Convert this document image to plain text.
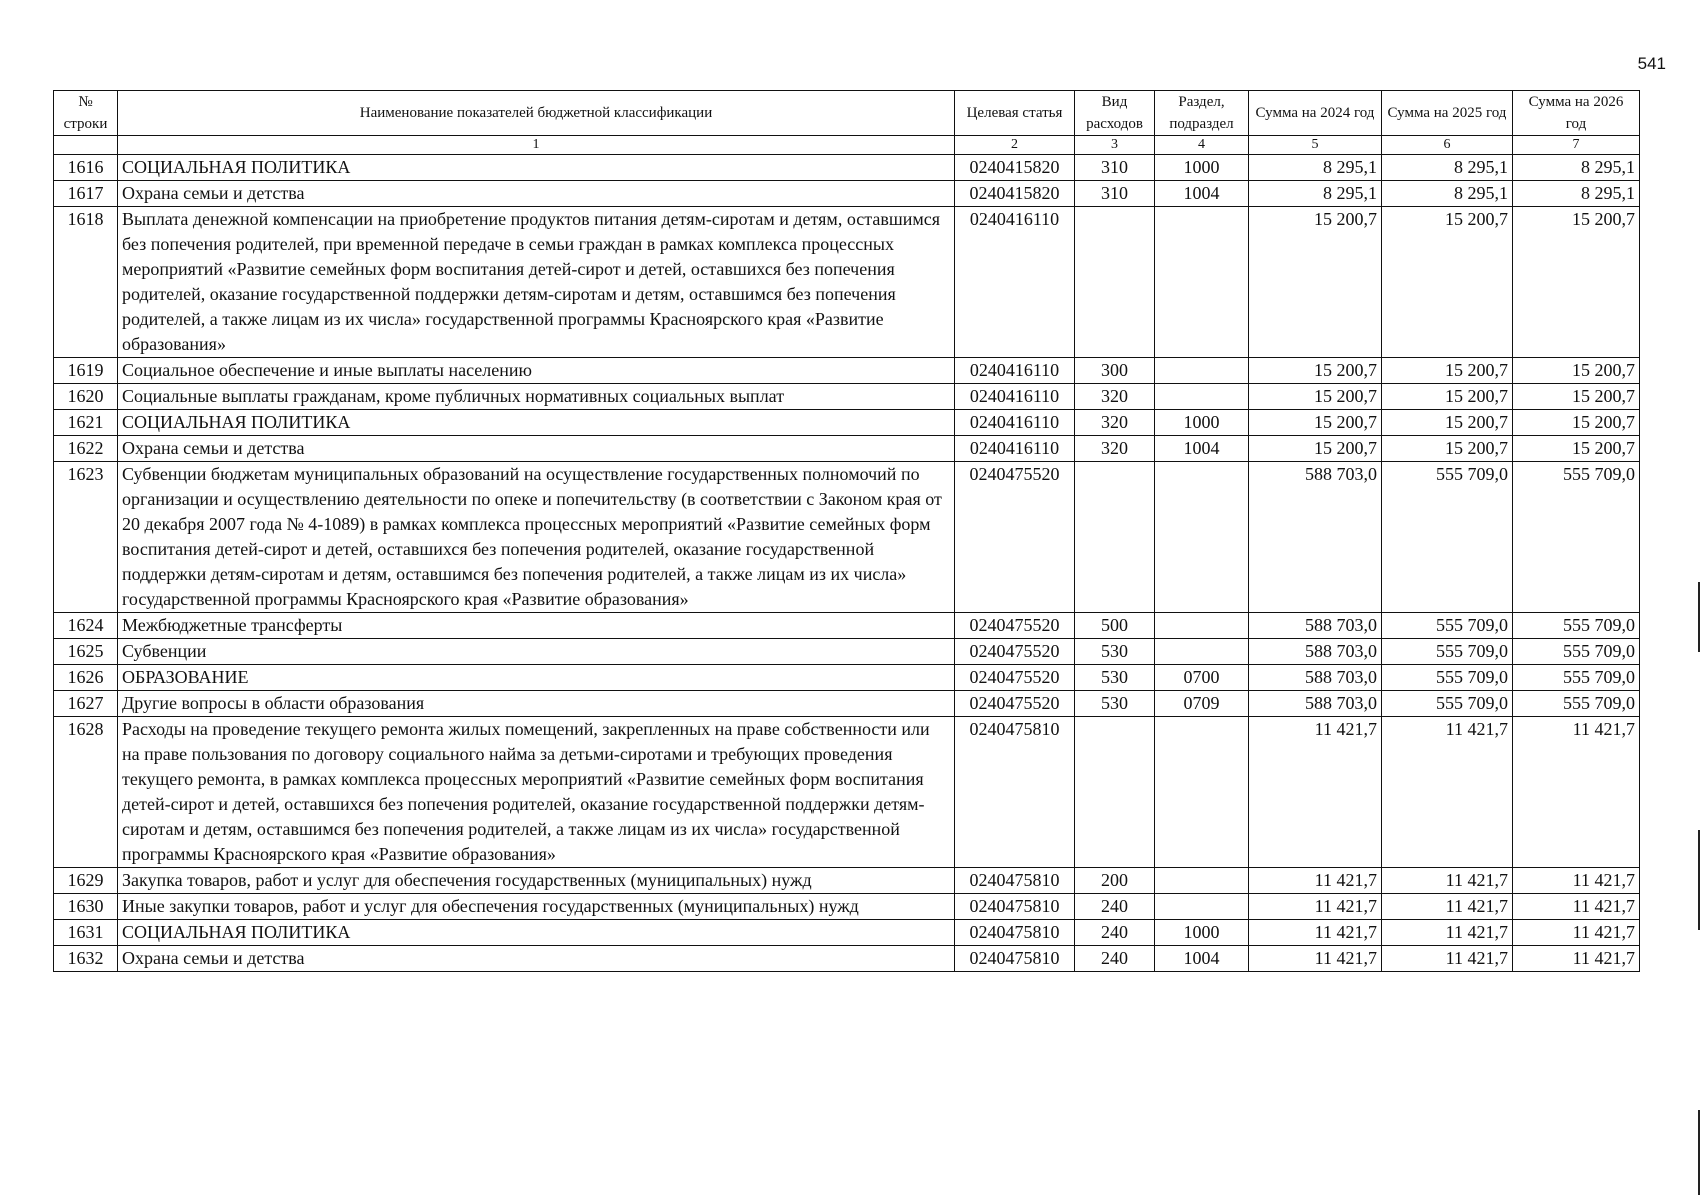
541
№ строки	Наименование показателей бюджетной классификации	Целевая статья	Вид расходов	Раздел, подраздел	Сумма на 2024 год	Сумма на 2025 год	Сумма на 2026 год
	1	2	3	4	5	6	7
1616	СОЦИАЛЬНАЯ ПОЛИТИКА	0240415820	310	1000	8 295,1	8 295,1	8 295,1
1617	Охрана семьи и детства	0240415820	310	1004	8 295,1	8 295,1	8 295,1
1618	Выплата денежной компенсации на приобретение продуктов питания детям-сиротам и детям, оставшимся без попечения родителей, при временной передаче в семьи граждан в рамках комплекса процессных мероприятий «Развитие семейных форм воспитания детей-сирот и детей, оставшихся без попечения родителей, оказание государственной поддержки детям-сиротам и детям, оставшимся без попечения родителей, а также лицам из их числа» государственной программы Красноярского края «Развитие образования»	0240416110			15 200,7	15 200,7	15 200,7
1619	Социальное обеспечение и иные выплаты населению	0240416110	300		15 200,7	15 200,7	15 200,7
1620	Социальные выплаты гражданам, кроме публичных нормативных социальных выплат	0240416110	320		15 200,7	15 200,7	15 200,7
1621	СОЦИАЛЬНАЯ ПОЛИТИКА	0240416110	320	1000	15 200,7	15 200,7	15 200,7
1622	Охрана семьи и детства	0240416110	320	1004	15 200,7	15 200,7	15 200,7
1623	Субвенции бюджетам муниципальных образований на осуществление государственных полномочий по организации и осуществлению деятельности по опеке и попечительству (в соответствии с Законом края от 20 декабря 2007 года № 4-1089) в рамках комплекса процессных мероприятий «Развитие семейных форм воспитания детей-сирот и детей, оставшихся без попечения родителей, оказание государственной поддержки детям-сиротам и детям, оставшимся без попечения родителей, а также лицам из их числа» государственной программы Красноярского края «Развитие образования»	0240475520			588 703,0	555 709,0	555 709,0
1624	Межбюджетные трансферты	0240475520	500		588 703,0	555 709,0	555 709,0
1625	Субвенции	0240475520	530		588 703,0	555 709,0	555 709,0
1626	ОБРАЗОВАНИЕ	0240475520	530	0700	588 703,0	555 709,0	555 709,0
1627	Другие вопросы в области образования	0240475520	530	0709	588 703,0	555 709,0	555 709,0
1628	Расходы на проведение текущего ремонта жилых помещений, закрепленных на праве собственности или на праве пользования по договору социального найма за детьми-сиротами и требующих проведения текущего ремонта, в рамках комплекса процессных мероприятий «Развитие семейных форм воспитания детей-сирот и детей, оставшихся без попечения родителей, оказание государственной поддержки детям-сиротам и детям, оставшимся без попечения родителей, а также лицам из их числа» государственной программы Красноярского края «Развитие образования»	0240475810			11 421,7	11 421,7	11 421,7
1629	Закупка товаров, работ и услуг для обеспечения государственных (муниципальных) нужд	0240475810	200		11 421,7	11 421,7	11 421,7
1630	Иные закупки товаров, работ и услуг для обеспечения государственных (муниципальных) нужд	0240475810	240		11 421,7	11 421,7	11 421,7
1631	СОЦИАЛЬНАЯ ПОЛИТИКА	0240475810	240	1000	11 421,7	11 421,7	11 421,7
1632	Охрана семьи и детства	0240475810	240	1004	11 421,7	11 421,7	11 421,7
